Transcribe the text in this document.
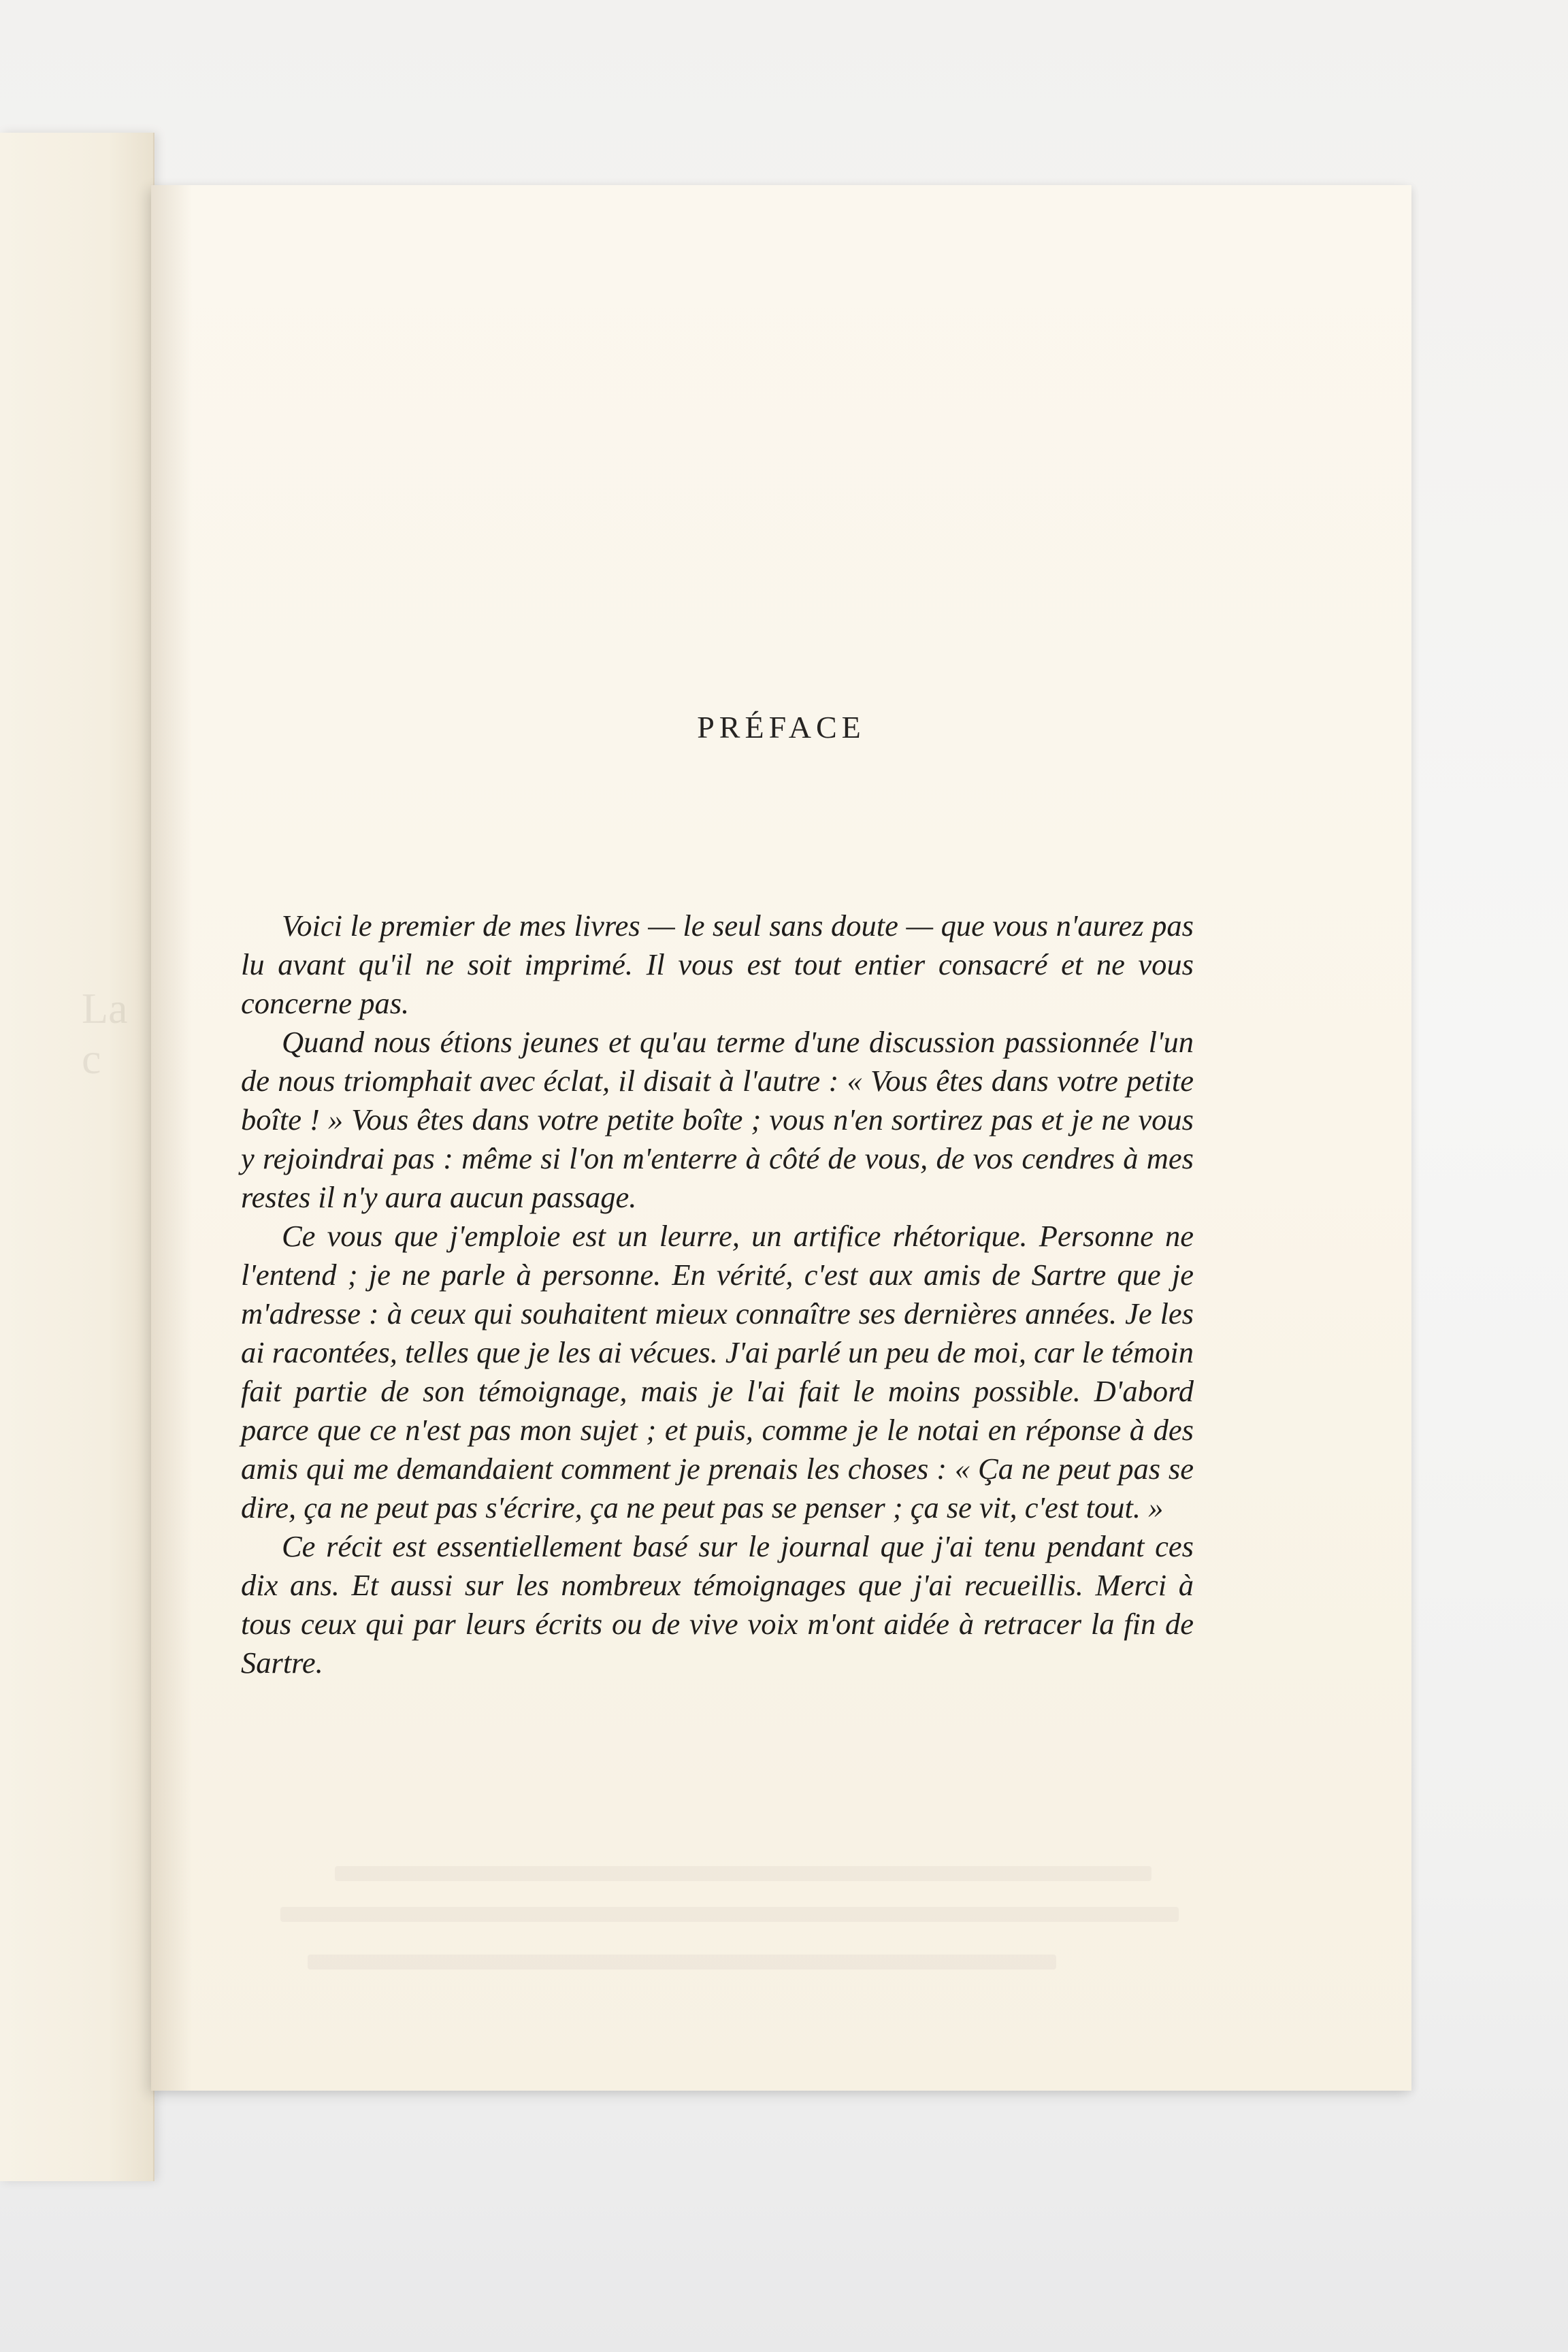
La c
PRÉFACE

Voici le premier de mes livres — le seul sans doute — que vous n'aurez pas lu avant qu'il ne soit imprimé. Il vous est tout entier consacré et ne vous concerne pas.

Quand nous étions jeunes et qu'au terme d'une discussion passionnée l'un de nous triomphait avec éclat, il disait à l'autre : « Vous êtes dans votre petite boîte ! » Vous êtes dans votre petite boîte ; vous n'en sortirez pas et je ne vous y rejoindrai pas : même si l'on m'enterre à côté de vous, de vos cendres à mes restes il n'y aura aucun passage.

Ce vous que j'emploie est un leurre, un artifice rhétorique. Personne ne l'entend ; je ne parle à personne. En vérité, c'est aux amis de Sartre que je m'adresse : à ceux qui souhaitent mieux connaître ses dernières années. Je les ai racontées, telles que je les ai vécues. J'ai parlé un peu de moi, car le témoin fait partie de son témoignage, mais je l'ai fait le moins possible. D'abord parce que ce n'est pas mon sujet ; et puis, comme je le notai en réponse à des amis qui me demandaient comment je prenais les choses : « Ça ne peut pas se dire, ça ne peut pas s'écrire, ça ne peut pas se penser ; ça se vit, c'est tout. »

Ce récit est essentiellement basé sur le journal que j'ai tenu pendant ces dix ans. Et aussi sur les nombreux témoignages que j'ai recueillis. Merci à tous ceux qui par leurs écrits ou de vive voix m'ont aidée à retracer la fin de Sartre.
